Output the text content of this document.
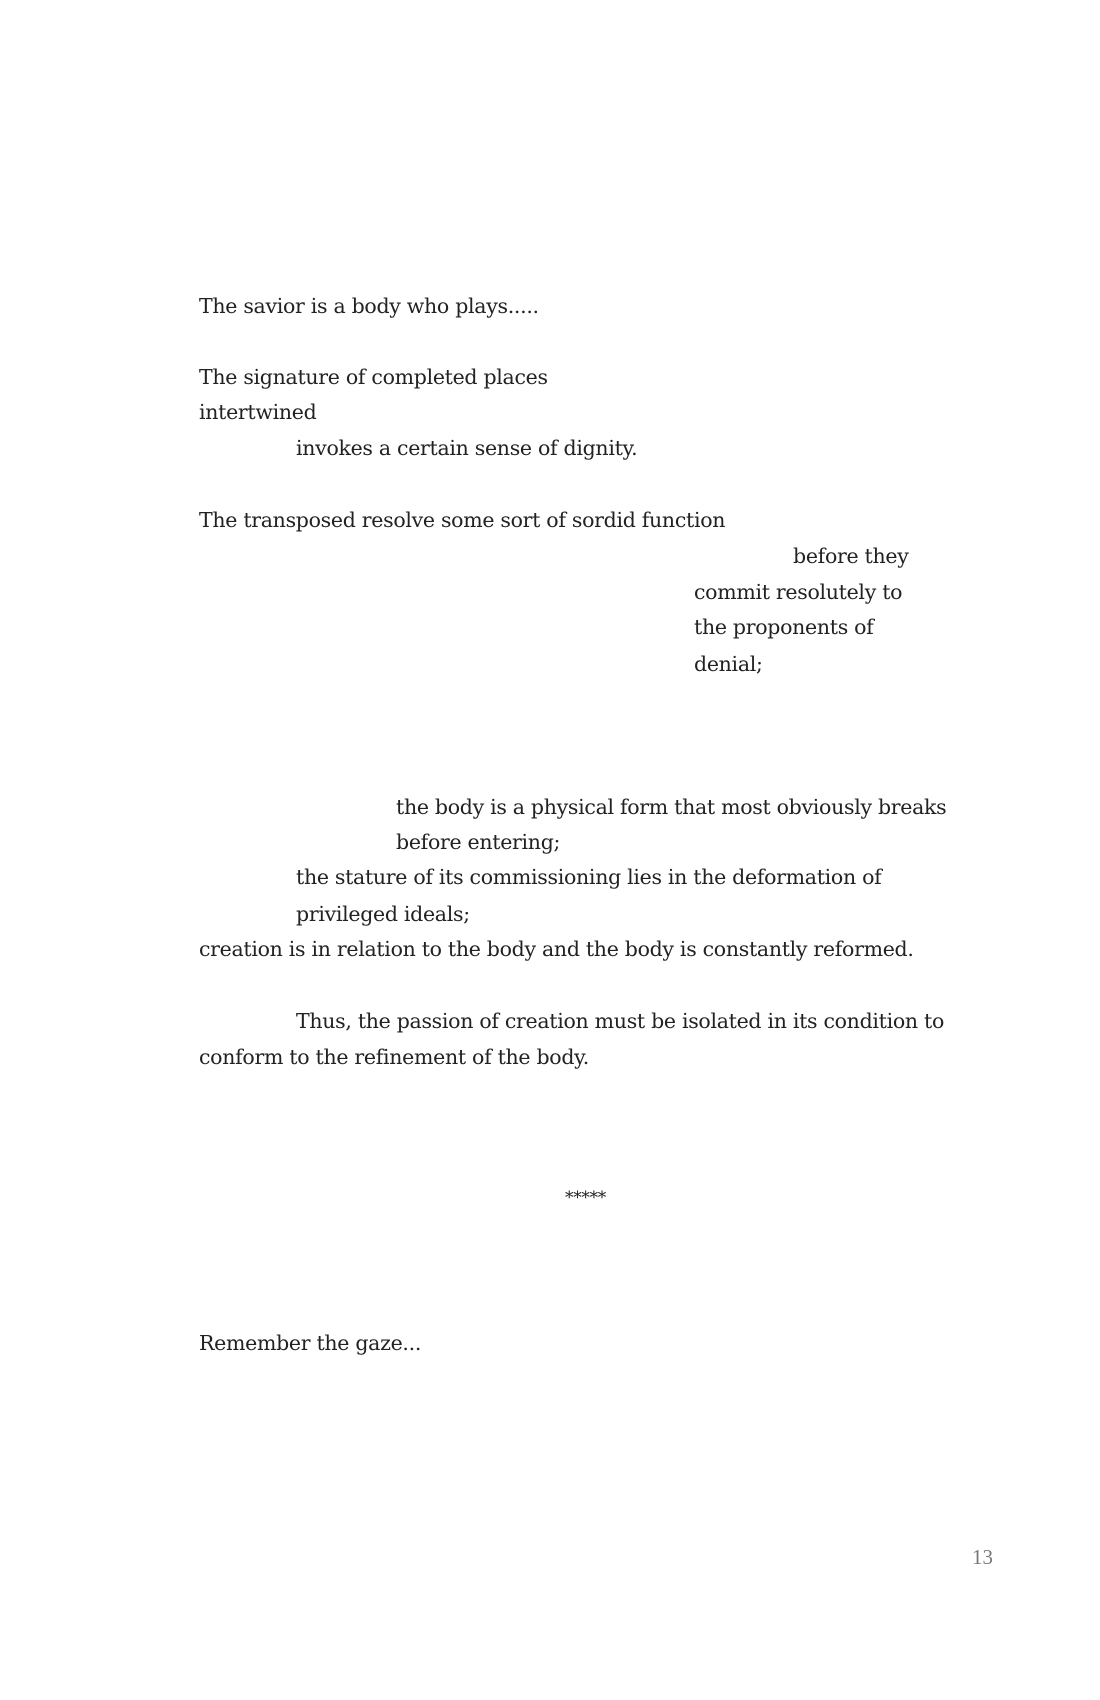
The savior is a body who plays.....
The signature of completed places
intertwined
invokes a certain sense of dignity.
The transposed resolve some sort of sordid function
before they
commit resolutely to
the proponents of
denial;
the body is a physical form that most obviously breaks
before entering;
the stature of its commissioning lies in the deformation of
privileged ideals;
creation is in relation to the body and the body is constantly reformed.
Thus, the passion of creation must be isolated in its condition to
conform to the refinement of the body.
*****
Remember the gaze...
13
